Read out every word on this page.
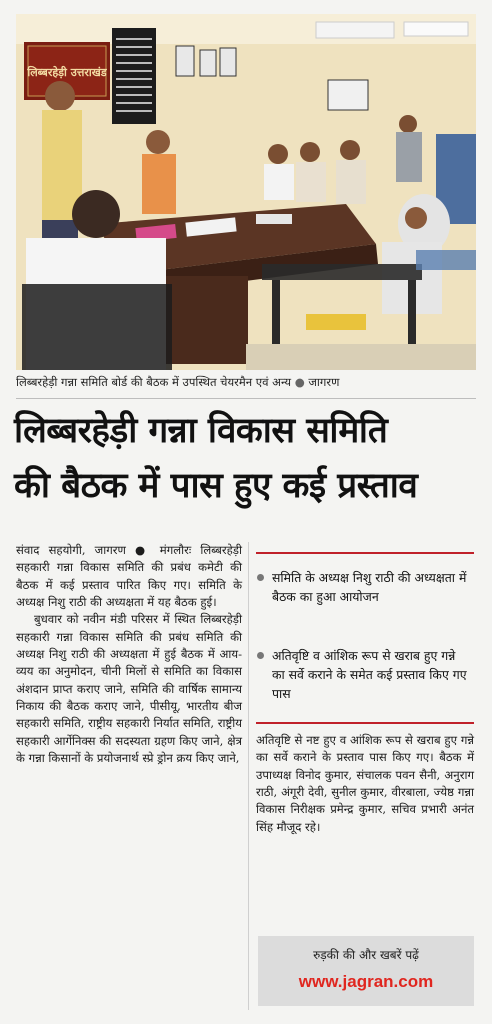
लिब्बरहेड़ी उत्तराखंड
लिब्बरहेड़ी गन्ना समिति बोर्ड की बैठक में उपस्थित चेयरमैन एवं अन्य ● जागरण
लिब्बरहेड़ी गन्ना विकास समिति
की बैठक में पास हुए कई प्रस्ताव

संवाद सहयोगी, जागरण ● मंगलौरः लिब्बरहेड़ी सहकारी गन्ना विकास समिति की प्रबंध कमेटी की बैठक में कई प्रस्ताव पारित किए गए। समिति के अध्यक्ष निशु राठी की अध्यक्षता में यह बैठक हुई।

बुधवार को नवीन मंडी परिसर में स्थित लिब्बरहेड़ी सहकारी गन्ना विकास समिति की प्रबंध समिति की अध्यक्ष निशु राठी की अध्यक्षता में हुई बैठक में आय-व्यय का अनुमोदन, चीनी मिलों से समिति का विकास अंशदान प्राप्त कराए जाने, समिति की वार्षिक सामान्य निकाय की बैठक कराए जाने, पीसीयू, भारतीय बीज सहकारी समिति, राष्ट्रीय सहकारी निर्यात समिति, राष्ट्रीय सहकारी आर्गेनिक्स की सदस्यता ग्रहण किए जाने, क्षेत्र के गन्ना किसानों के प्रयोजनार्थ स्प्रे ड्रोन क्रय किए जाने,

समिति के अध्यक्ष निशु राठी की अध्यक्षता में बैठक का हुआ आयोजन
अतिवृष्टि व आंशिक रूप से खराब हुए गन्ने का सर्वे कराने के समेत कई प्रस्ताव किए गए पास

अतिवृष्टि से नष्ट हुए व आंशिक रूप से खराब हुए गन्ने का सर्वे कराने के प्रस्ताव पास किए गए। बैठक में उपाध्यक्ष विनोद कुमार, संचालक पवन सैनी, अनुराग राठी, अंगूरी देवी, सुनील कुमार, वीरबाला, ज्येष्ठ गन्ना विकास निरीक्षक प्रमेन्द्र कुमार, सचिव प्रभारी अनंत सिंह मौजूद रहे।

रुड़की की और खबरें पढ़ें
www.jagran.com
